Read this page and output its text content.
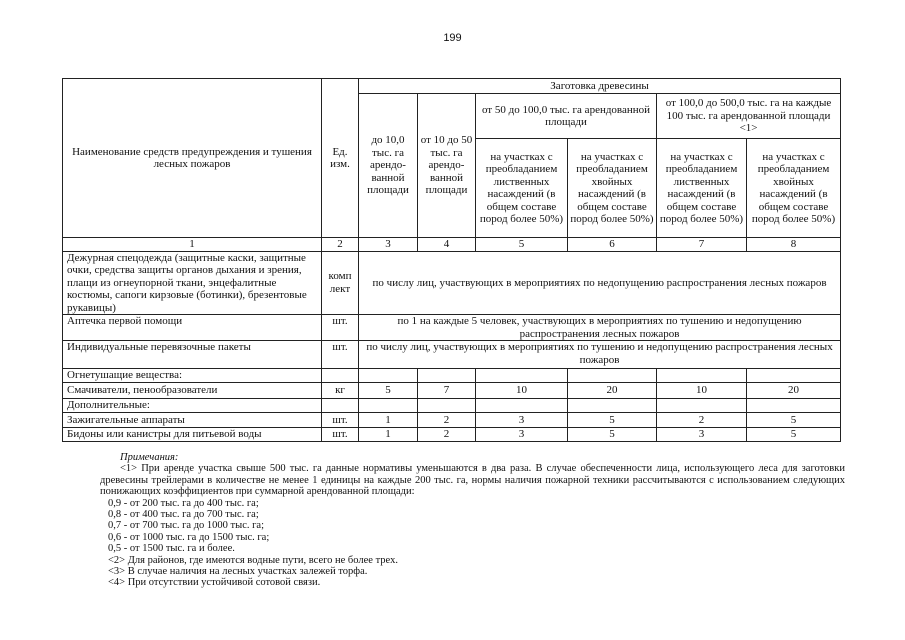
199
Наименование средств предупреждения и тушения лесных пожаров	Ед. изм.	Заготовка древесины					
		до 10,0 тыс. га арендо-ванной площади	от 10 до 50 тыс. га арендо-ванной площади	от 50 до 100,0 тыс. га арендованной площади		от 100,0 до 500,0 тыс. га на каждые 100 тыс. га арендованной площади <1>	
				на участках с преобладанием лиственных насаждений (в общем составе пород более 50%)	на участках с преобладанием хвойных насаждений (в общем составе пород более 50%)	на участках с преобладанием лиственных насаждений (в общем составе пород более 50%)	на участках с преобладанием хвойных насаждений (в общем составе пород более 50%)
1	2	3	4	5	6	7	8
Дежурная спецодежда (защитные каски, защитные очки, средства защиты органов дыхания и зрения, плащи из огнеупорной ткани, энцефалитные костюмы, сапоги кирзовые (ботинки), брезентовые рукавицы)	комп лект	по числу лиц, участвующих в мероприятиях по недопущению распространения лесных пожаров					
Аптечка первой помощи	шт.	по 1 на каждые 5 человек, участвующих в мероприятиях по тушению и недопущению распространения лесных пожаров					
Индивидуальные перевязочные пакеты	шт.	по числу лиц, участвующих в мероприятиях по тушению и недопущению распространения лесных пожаров					
Огнетушащие вещества:							
Смачиватели, пенообразователи	кг	5	7	10	20	10	20
Дополнительные:							
Зажигательные аппараты	шт.	1	2	3	5	2	5
Бидоны или канистры для питьевой воды	шт.	1	2	3	5	3	5
Примечания:
<1> При аренде участка свыше 500 тыс. га данные нормативы уменьшаются в два раза. В случае обеспеченности лица, использующего леса для заготовки древесины трейлерами в количестве не менее 1 единицы на каждые 200 тыс. га, нормы наличия пожарной техники рассчитываются с использованием следующих понижающих коэффициентов при суммарной арендованной площади:
0,9 - от 200 тыс. га до 400 тыс. га;
0,8 - от 400 тыс. га до 700 тыс. га;
0,7 - от 700 тыс. га до 1000 тыс. га;
0,6 - от 1000 тыс. га до 1500 тыс. га;
0,5 - от 1500 тыс. га и более.
<2> Для районов, где имеются водные пути, всего не более трех.
<3> В случае наличия на лесных участках залежей торфа.
<4> При отсутствии устойчивой сотовой связи.
